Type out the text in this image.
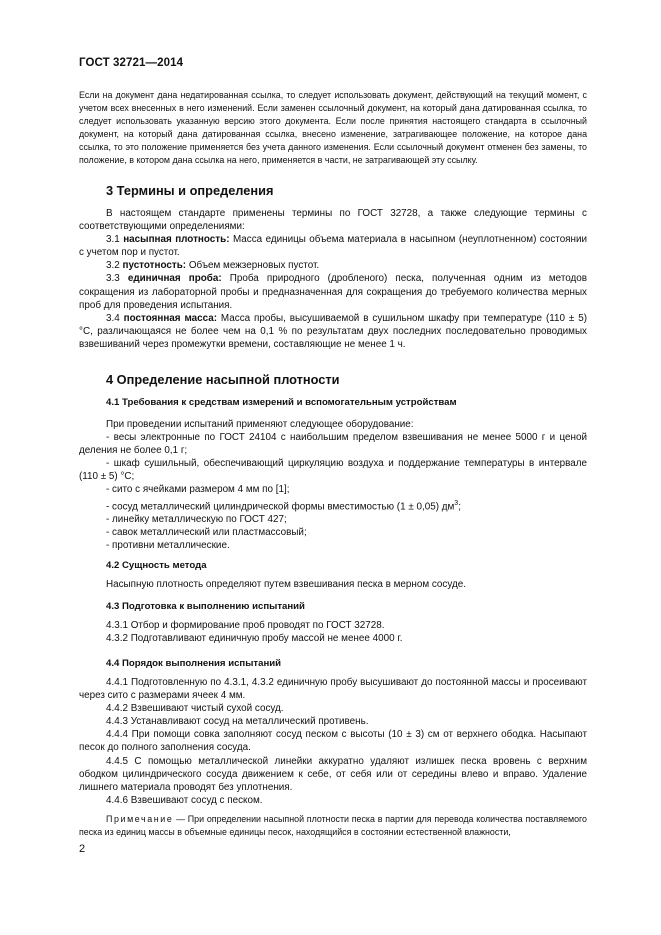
ГОСТ 32721—2014

Если на документ дана недатированная ссылка, то следует использовать документ, действующий на текущий момент, с учетом всех внесенных в него изменений. Если заменен ссылочный документ, на который дана датированная ссылка, то следует использовать указанную версию этого документа. Если после принятия настоящего стандарта в ссылочный документ, на который дана датированная ссылка, внесено изменение, затрагивающее положение, на которое дана ссылка, то это положение применяется без учета данного изменения. Если ссылочный документ отменен без замены, то положение, в котором дана ссылка на него, применяется в части, не затрагивающей эту ссылку.

3 Термины и определения

В настоящем стандарте применены термины по ГОСТ 32728, а также следующие термины с соответствующими определениями:

3.1 насыпная плотность: Масса единицы объема материала в насыпном (неуплотненном) состоянии с учетом пор и пустот.

3.2 пустотность: Объем межзерновых пустот.

3.3 единичная проба: Проба природного (дробленого) песка, полученная одним из методов сокращения из лабораторной пробы и предназначенная для сокращения до требуемого количества мерных проб для проведения испытания.

3.4 постоянная масса: Масса пробы, высушиваемой в сушильном шкафу при температуре (110 ± 5) °С, различающаяся не более чем на 0,1 % по результатам двух последних последовательно проводимых взвешиваний через промежутки времени, составляющие не менее 1 ч.

4 Определение насыпной плотности
4.1 Требования к средствам измерений и вспомогательным устройствам

При проведении испытаний применяют следующее оборудование:

- весы электронные по ГОСТ 24104 с наибольшим пределом взвешивания не менее 5000 г и ценой деления не более 0,1 г;

- шкаф сушильный, обеспечивающий циркуляцию воздуха и поддержание температуры в интервале (110 ± 5) °С;

- сито с ячейками размером 4 мм по [1];

- сосуд металлический цилиндрической формы вместимостью (1 ± 0,05) $дм^3$;

- линейку металлическую по ГОСТ 427;

- савок металлический или пластмассовый;

- противни металлические.

4.2 Сущность метода

Насыпную плотность определяют путем взвешивания песка в мерном сосуде.

4.3 Подготовка к выполнению испытаний

4.3.1 Отбор и формирование проб проводят по ГОСТ 32728.

4.3.2 Подготавливают единичную пробу массой не менее 4000 г.

4.4 Порядок выполнения испытаний

4.4.1 Подготовленную по 4.3.1, 4.3.2 единичную пробу высушивают до постоянной массы и просеивают через сито с размерами ячеек 4 мм.

4.4.2 Взвешивают чистый сухой сосуд.

4.4.3 Устанавливают сосуд на металлический противень.

4.4.4 При помощи совка заполняют сосуд песком с высоты (10 ± 3) см от верхнего ободка. Насыпают песок до полного заполнения сосуда.

4.4.5 С помощью металлической линейки аккуратно удаляют излишек песка вровень с верхним ободком цилиндрического сосуда движением к себе, от себя или от середины влево и вправо. Удаление лишнего материала проводят без уплотнения.

4.4.6 Взвешивают сосуд с песком.

Примечание — При определении насыпной плотности песка в партии для перевода количества поставляемого песка из единиц массы в объемные единицы песок, находящийся в состоянии естественной влажности,

2
